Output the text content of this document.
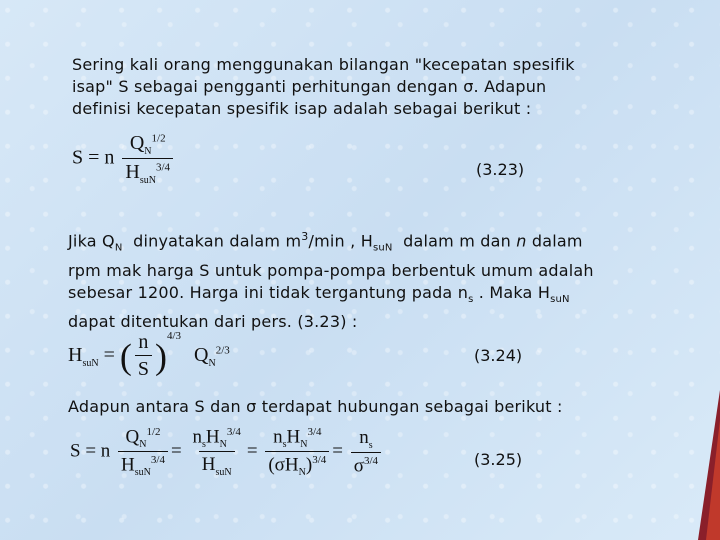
Sering kali orang menggunakan bilangan "kecepatan spesifik
isap" S sebagai pengganti perhitungan dengan σ. Adapun
definisi kecepatan spesifik isap adalah sebagai berikut :
S = n $\frac{Q_N^{1/2}}{H_{suN}^{3/4}}$	(3.23)
Jika $Q_N$  dinyatakan dalam $m^3/\min$ , $H_{suN}$  dalam m dan n dalam
rpm mak harga S untuk pompa-pompa berbentuk umum adalah
sebesar 1200. Harga ini tidak tergantung pada $n_s$ . Maka $H_{suN}$
dapat ditentukan dari pers. (3.23) :
$H_{suN}$ = ( $\frac{n}{S} )^{4/3}$ $Q_N^{2/3}$	(3.24)
Adapun antara S dan σ terdapat hubungan sebagai berikut :
S = n $\frac{Q_N^{1/2}}{H_{suN}^{3/4}} = \frac{n_sH_N^{3/4}}{H_{suN}} = \frac{n_sH_N^{3/4}}{(\sigma H_N)^{3/4}} = \frac{n_s}{\sigma^{3/4}}$	(3.25)
